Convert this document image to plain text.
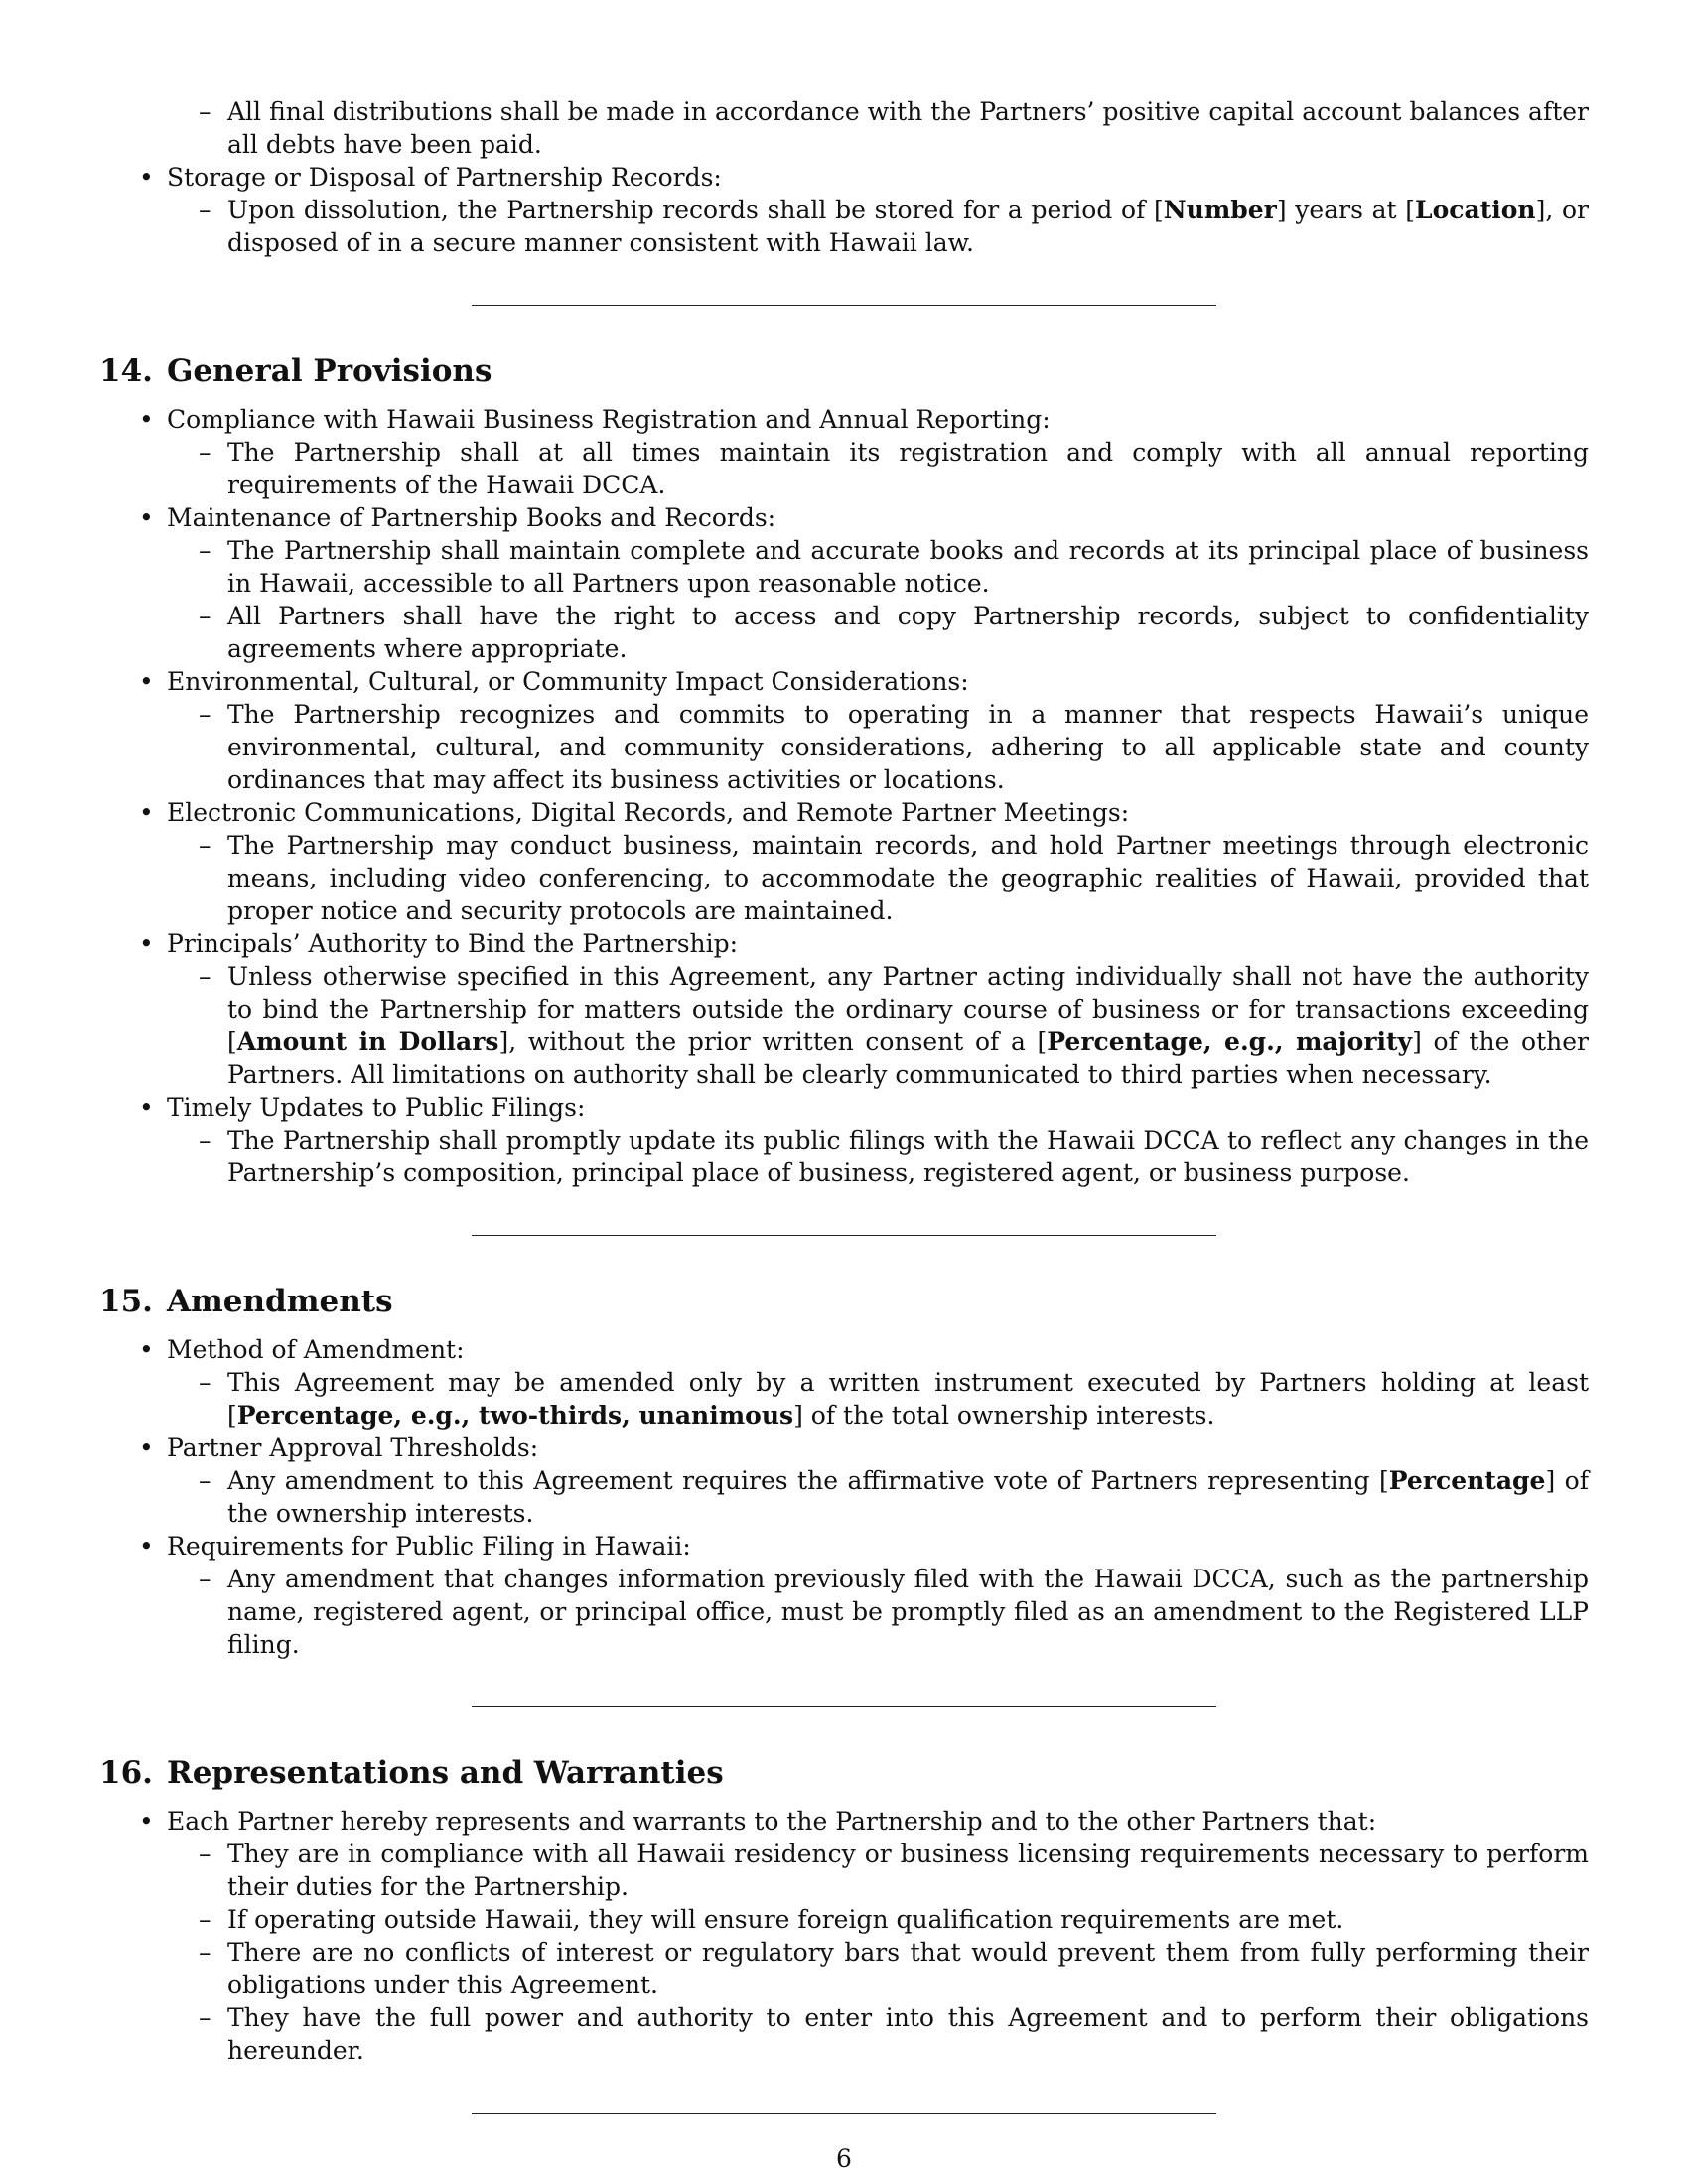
– All final distributions shall be made in accordance with the Partners’ positive capital account balances after all debts have been paid.
• Storage or Disposal of Partnership Records:
– Upon dissolution, the Partnership records shall be stored for a period of [Number] years at [Location], or disposed of in a secure manner consistent with Hawaii law.
14. General Provisions
• Compliance with Hawaii Business Registration and Annual Reporting:
– The Partnership shall at all times maintain its registration and comply with all annual reporting requirements of the Hawaii DCCA.
• Maintenance of Partnership Books and Records:
– The Partnership shall maintain complete and accurate books and records at its principal place of business in Hawaii, accessible to all Partners upon reasonable notice.
– All Partners shall have the right to access and copy Partnership records, subject to confidentiality agreements where appropriate.
• Environmental, Cultural, or Community Impact Considerations:
– The Partnership recognizes and commits to operating in a manner that respects Hawaii’s unique environmental, cultural, and community considerations, adhering to all applicable state and county ordinances that may affect its business activities or locations.
• Electronic Communications, Digital Records, and Remote Partner Meetings:
– The Partnership may conduct business, maintain records, and hold Partner meetings through electronic means, including video conferencing, to accommodate the geographic realities of Hawaii, provided that proper notice and security protocols are maintained.
• Principals’ Authority to Bind the Partnership:
– Unless otherwise specified in this Agreement, any Partner acting individually shall not have the authority to bind the Partnership for matters outside the ordinary course of business or for transactions exceeding [Amount in Dollars], without the prior written consent of a [Percentage, e.g., majority] of the other Partners. All limitations on authority shall be clearly communicated to third parties when necessary.
• Timely Updates to Public Filings:
– The Partnership shall promptly update its public filings with the Hawaii DCCA to reflect any changes in the Partnership’s composition, principal place of business, registered agent, or business purpose.
15. Amendments
• Method of Amendment:
– This Agreement may be amended only by a written instrument executed by Partners holding at least [Percentage, e.g., two-thirds, unanimous] of the total ownership interests.
• Partner Approval Thresholds:
– Any amendment to this Agreement requires the affirmative vote of Partners representing [Percentage] of the ownership interests.
• Requirements for Public Filing in Hawaii:
– Any amendment that changes information previously filed with the Hawaii DCCA, such as the partnership name, registered agent, or principal office, must be promptly filed as an amendment to the Registered LLP filing.
16. Representations and Warranties
• Each Partner hereby represents and warrants to the Partnership and to the other Partners that:
– They are in compliance with all Hawaii residency or business licensing requirements necessary to perform their duties for the Partnership.
– If operating outside Hawaii, they will ensure foreign qualification requirements are met.
– There are no conflicts of interest or regulatory bars that would prevent them from fully performing their obligations under this Agreement.
– They have the full power and authority to enter into this Agreement and to perform their obligations hereunder.
6
